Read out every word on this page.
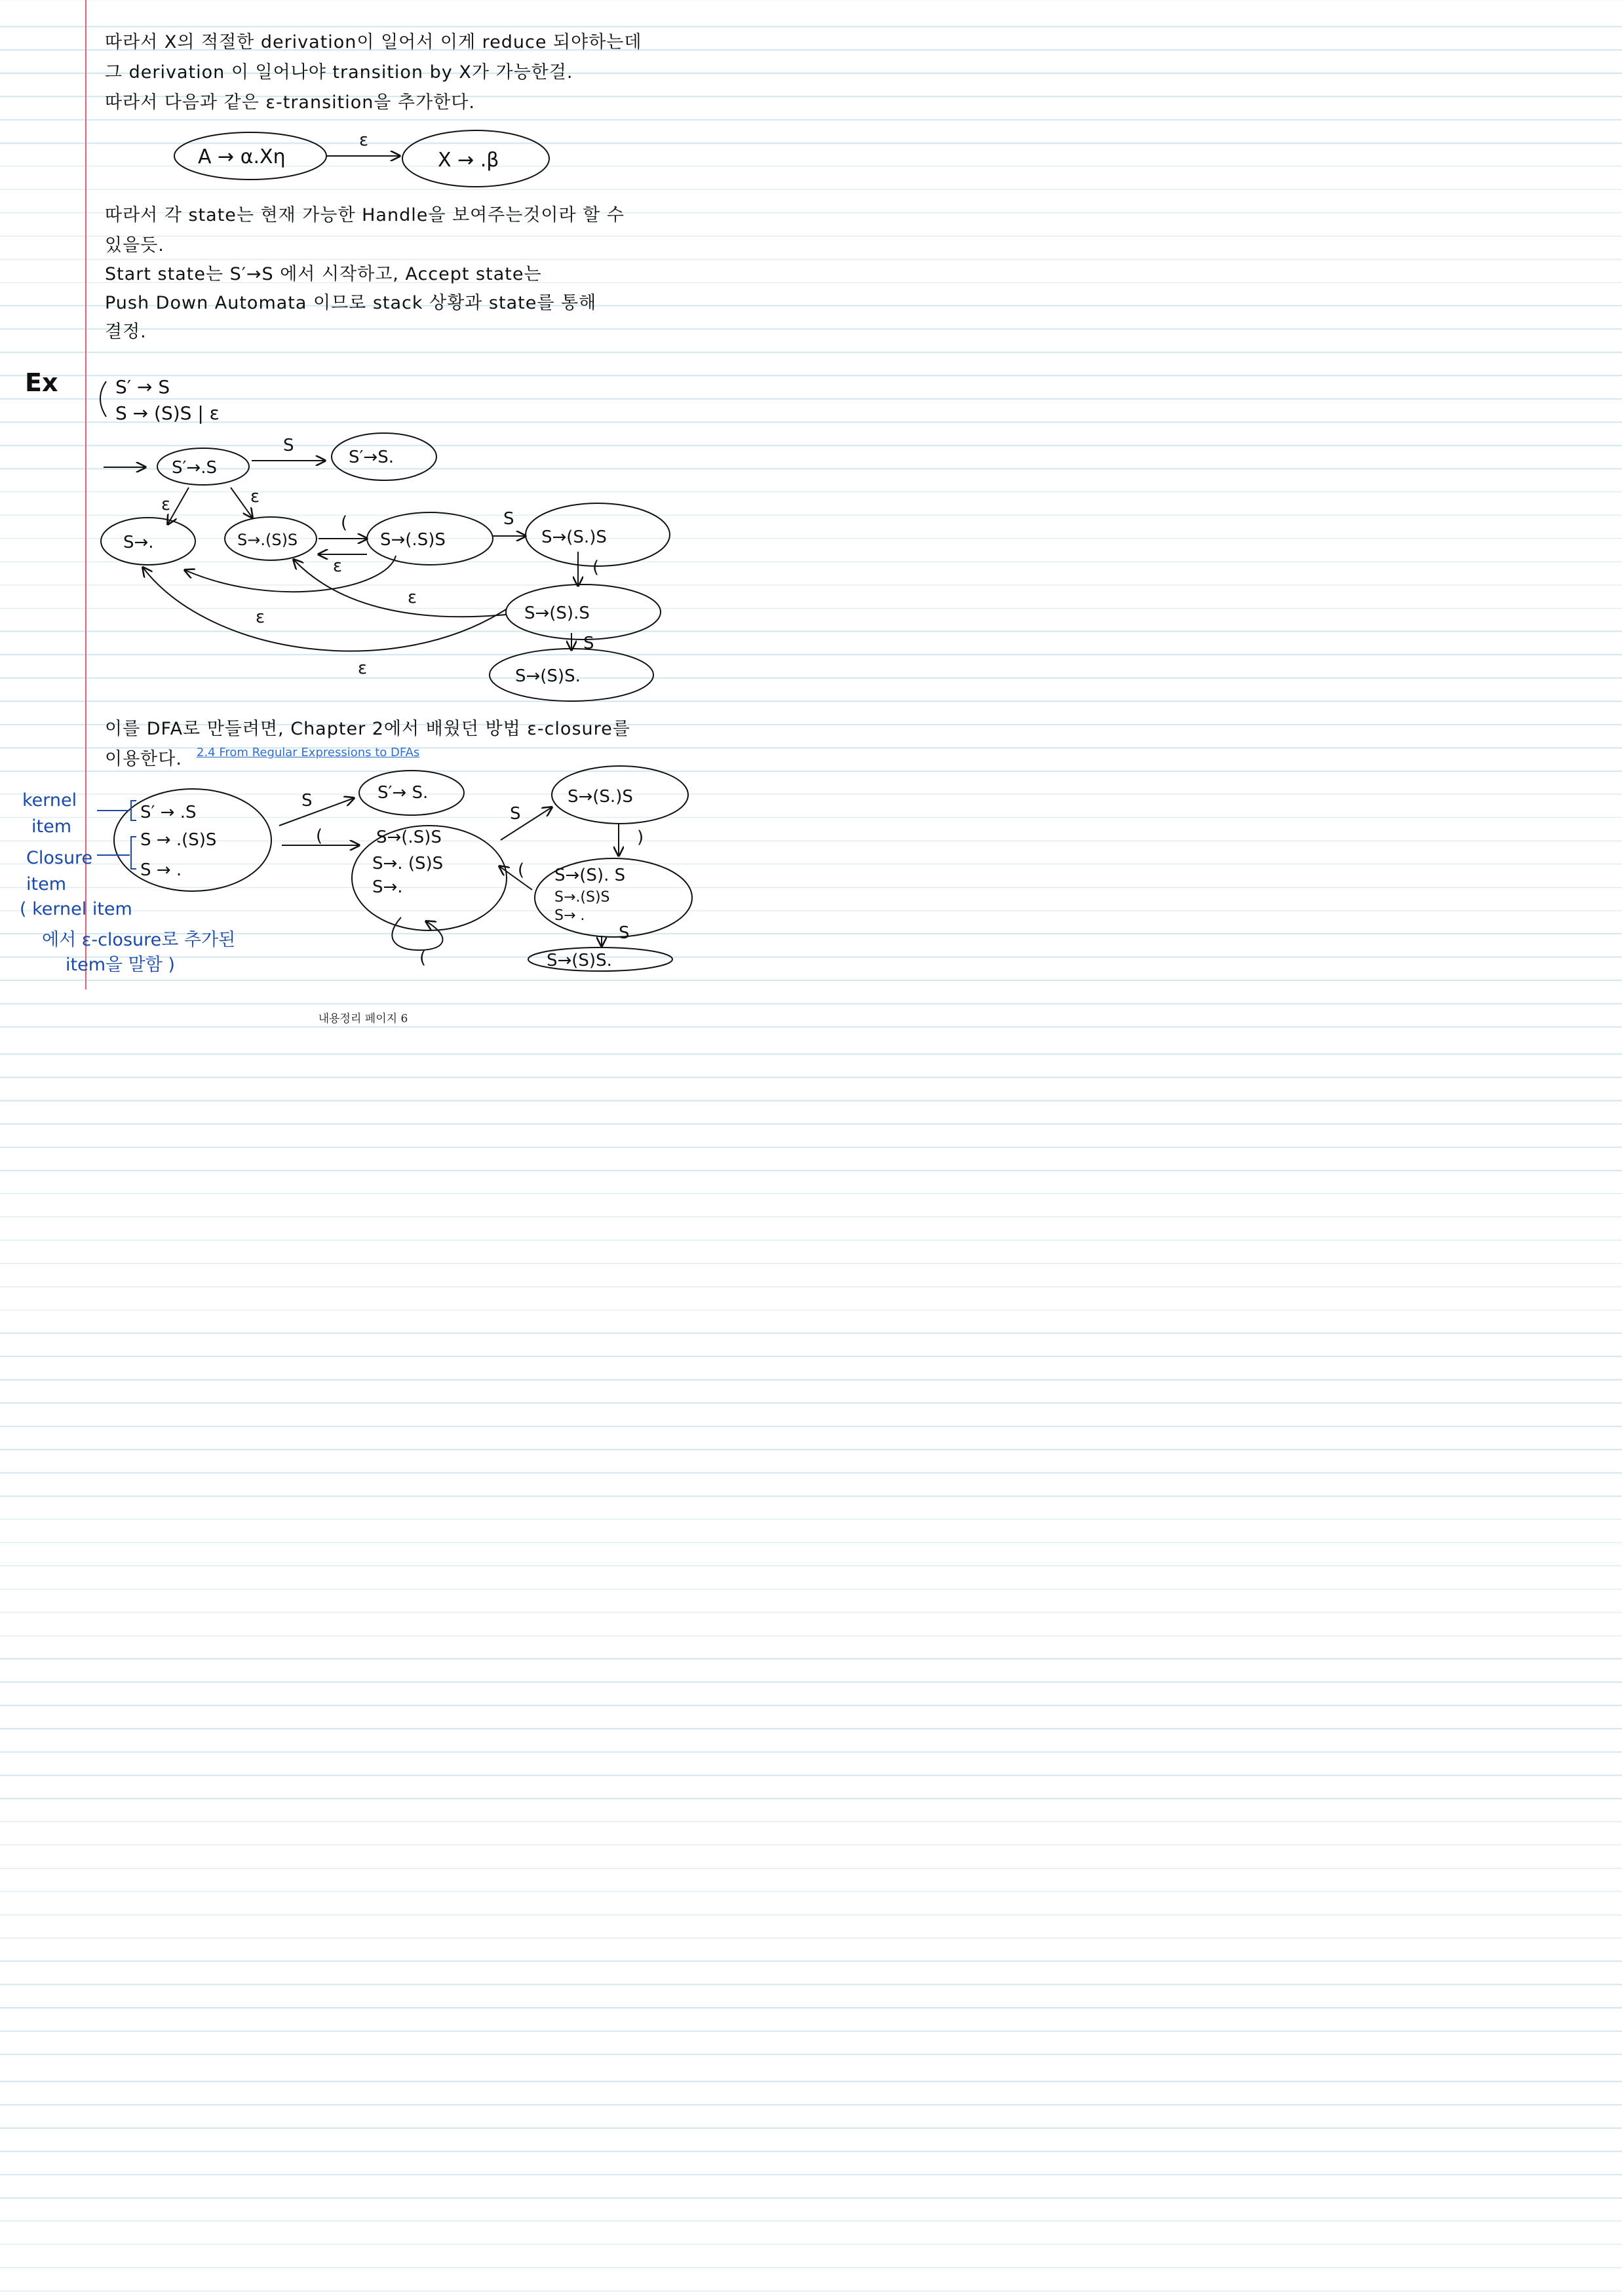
따라서 X의 적절한 derivation이 일어서 이게 reduce 되야하는데
그 derivation 이 일어나야 transition by X가 가능한걸.
따라서 다음과 같은 ε-transition을 추가한다.
따라서 각 state는 현재 가능한 Handle을 보여주는것이라 할 수
있을듯.
Start state는 S′→S 에서 시작하고, Accept state는
Push Down Automata 이므로 stack 상황과 state를 통해
결정.
이를 DFA로 만들려면, Chapter 2에서 배웠던 방법 ε-closure를
이용한다.
Ex
2.4 From Regular Expressions to DFAs
kernel
item
Closure
item
( kernel item
에서 ε-closure로 추가된
item을 말함 )
A → α.Xη	X → .β
ε
S′ → S
S → (S)S | ε
S′→.S
S′→S.
S→.	S→.(S)S	S→(.S)S	S→(S.)S
S→(S).S
S→(S)S.
S
ε	ε
(
ε
S
(
ε
ε
S
ε
S′ → .S
S → .(S)S
S → .
S′→ S.
S→(.S)S
S→. (S)S
S→.
S→(S.)S
S→(S). S
S→.(S)S
S→ .
S→(S)S.
S
(
S
)
(
S
(
내용정리 페이지 6
